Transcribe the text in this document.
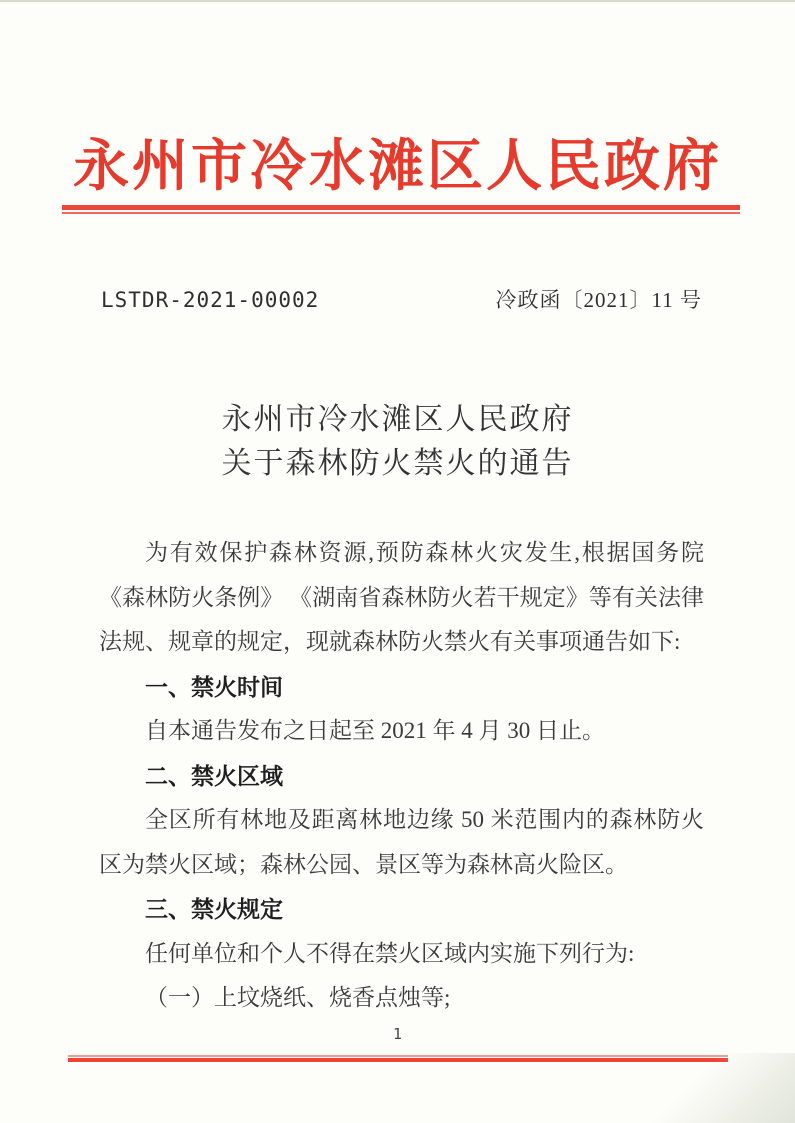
永州市冷水滩区人民政府
LSTDR-2021-00002	冷政函〔2021〕11 号
永州市冷水滩区人民政府
关于森林防火禁火的通告

为有效保护森林资源,预防森林火灾发生,根据国务院《森林防火条例》 《湖南省森林防火若干规定》等有关法律法规、规章的规定，现就森林防火禁火有关事项通告如下:

一、禁火时间

自本通告发布之日起至 2021 年 4 月 30 日止。

二、禁火区域

全区所有林地及距离林地边缘 50 米范围内的森林防火区为禁火区域；森林公园、景区等为森林高火险区。

三、禁火规定

任何单位和个人不得在禁火区域内实施下列行为:

（一）上坟烧纸、烧香点烛等;

1
